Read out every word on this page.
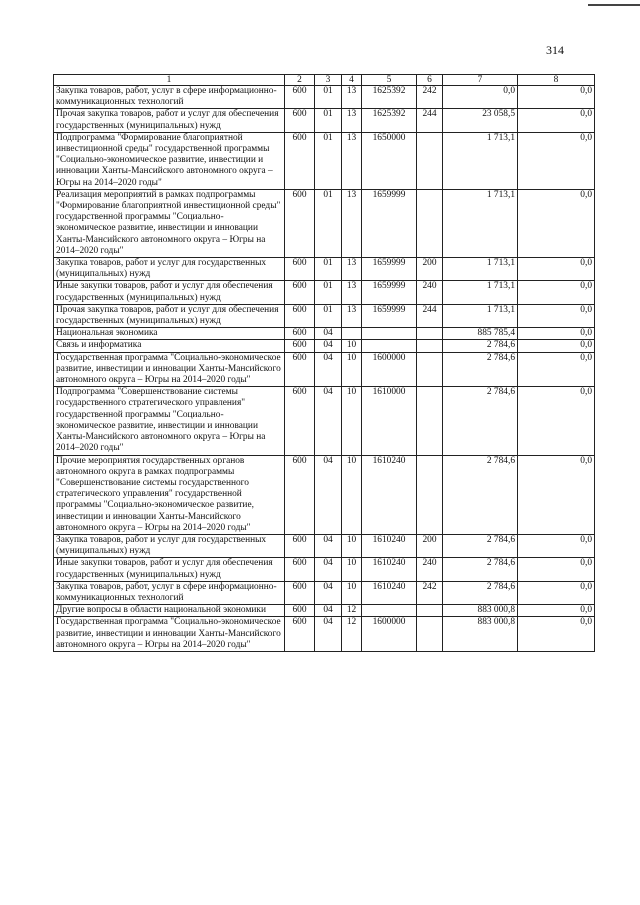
314
1	2	3	4	5	6	7	8
Закупка товаров, работ, услуг в сфере информационно-коммуникационных технологий	600	01	13	1625392	242	0,0	0,0
Прочая закупка товаров, работ и услуг для обеспечения государственных (муниципальных) нужд	600	01	13	1625392	244	23 058,5	0,0
Подпрограмма "Формирование благоприятной инвестиционной среды" государственной программы "Социально-экономическое развитие, инвестиции и инновации Ханты-Мансийского автономного округа – Югры на 2014–2020 годы"	600	01	13	1650000		1 713,1	0,0
Реализация мероприятий в рамках подпрограммы "Формирование благоприятной инвестиционной среды" государственной программы "Социально-экономическое развитие, инвестиции и инновации Ханты-Мансийского автономного округа – Югры на 2014–2020 годы"	600	01	13	1659999		1 713,1	0,0
Закупка товаров, работ и услуг для государственных (муниципальных) нужд	600	01	13	1659999	200	1 713,1	0,0
Иные закупки товаров, работ и услуг для обеспечения государственных (муниципальных) нужд	600	01	13	1659999	240	1 713,1	0,0
Прочая закупка товаров, работ и услуг для обеспечения государственных (муниципальных) нужд	600	01	13	1659999	244	1 713,1	0,0
Национальная экономика	600	04				885 785,4	0,0
Связь и информатика	600	04	10			2 784,6	0,0
Государственная программа "Социально-экономическое развитие, инвестиции и инновации Ханты-Мансийского автономного округа – Югры на 2014–2020 годы"	600	04	10	1600000		2 784,6	0,0
Подпрограмма "Совершенствование системы государственного стратегического управления" государственной программы "Социально-экономическое развитие, инвестиции и инновации Ханты-Мансийского автономного округа – Югры на 2014–2020 годы"	600	04	10	1610000		2 784,6	0,0
Прочие мероприятия государственных органов автономного округа в рамках подпрограммы "Совершенствование системы государственного стратегического управления" государственной программы "Социально-экономическое развитие, инвестиции и инновации Ханты-Мансийского автономного округа – Югры на 2014–2020 годы"	600	04	10	1610240		2 784,6	0,0
Закупка товаров, работ и услуг для государственных (муниципальных) нужд	600	04	10	1610240	200	2 784,6	0,0
Иные закупки товаров, работ и услуг для обеспечения государственных (муниципальных) нужд	600	04	10	1610240	240	2 784,6	0,0
Закупка товаров, работ, услуг в сфере информационно-коммуникационных технологий	600	04	10	1610240	242	2 784,6	0,0
Другие вопросы в области национальной экономики	600	04	12			883 000,8	0,0
Государственная программа "Социально-экономическое развитие, инвестиции и инновации Ханты-Мансийского автономного округа – Югры на 2014–2020 годы"	600	04	12	1600000		883 000,8	0,0
